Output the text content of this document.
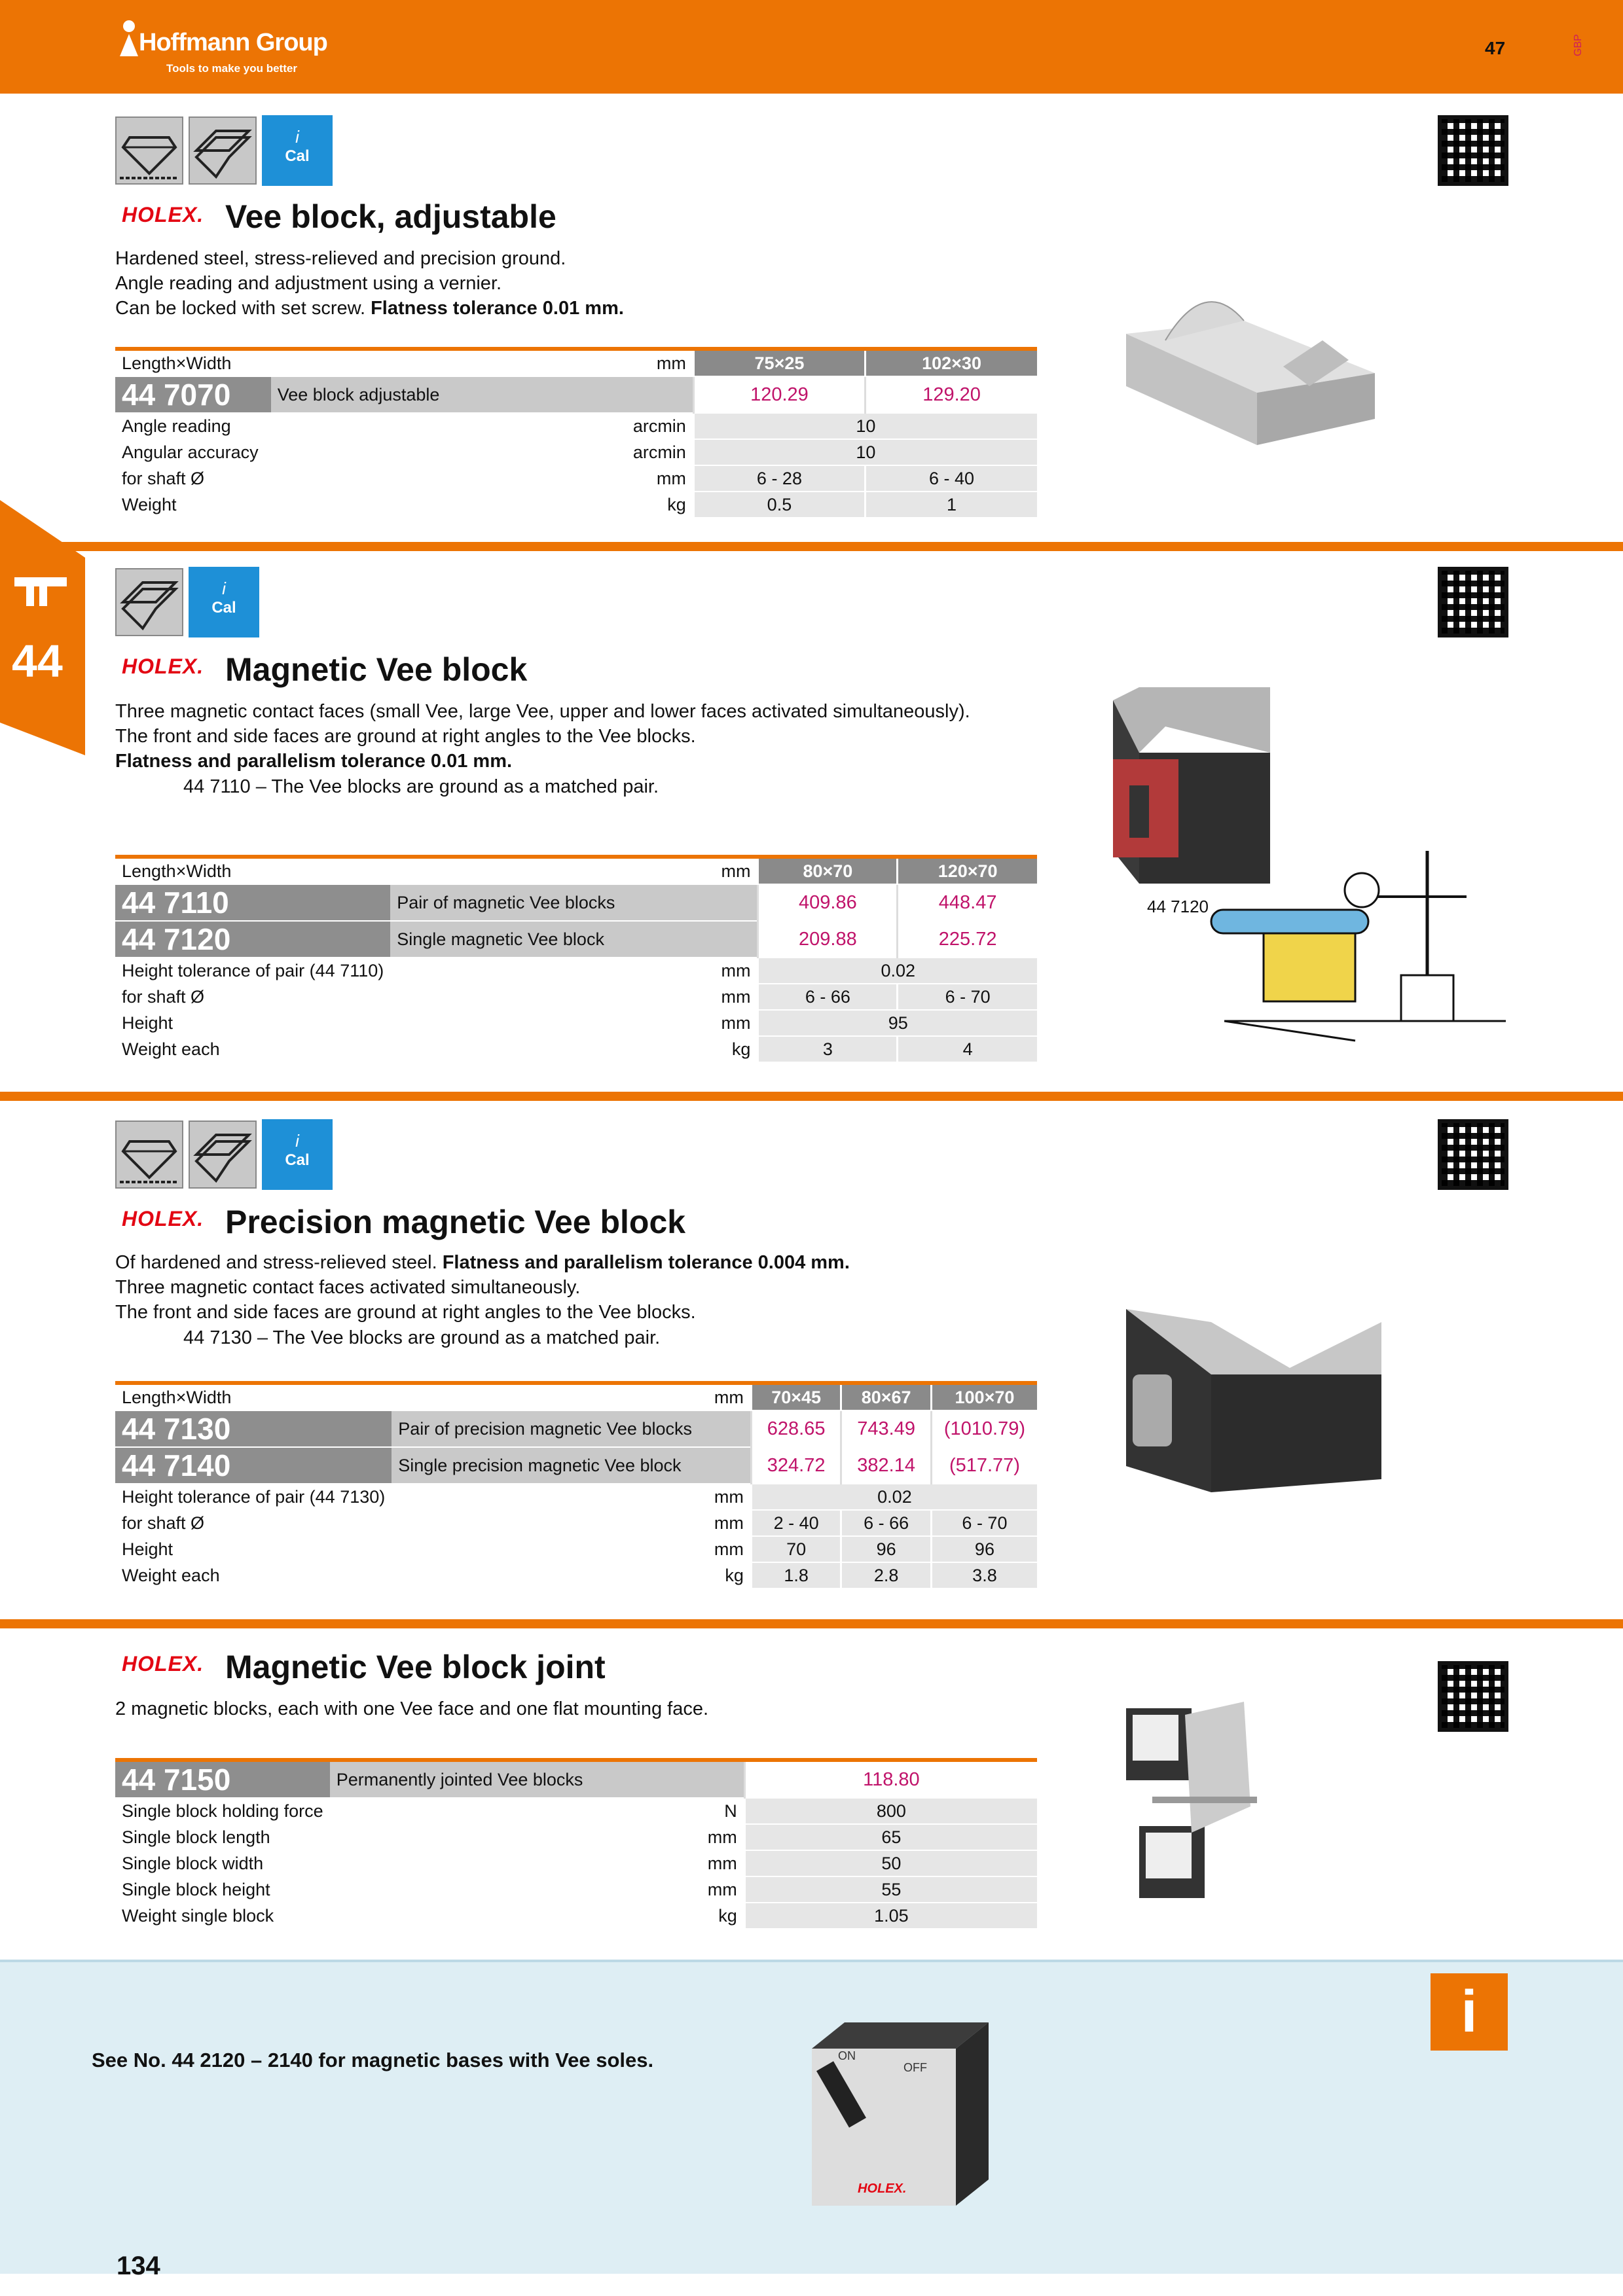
Hoffmann Group
Tools to make you better
47	GBP
44
i
Cal
HOLEX. Vee block, adjustable
Hardened steel, stress-relieved and precision ground.
Angle reading and adjustment using a vernier.
Can be locked with set screw. Flatness tolerance 0.01 mm.
Length×Width	mm	75×25	102×30
44 7070	Vee block adjustable	120.29	129.20
Angle reading	arcmin	10	
Angular accuracy	arcmin	10	
for shaft Ø	mm	6 - 28	6 - 40
Weight	kg	0.5	1
i
Cal
HOLEX. Magnetic Vee block
Three magnetic contact faces (small Vee, large Vee, upper and lower faces activated simultaneously).
The front and side faces are ground at right angles to the Vee blocks.
Flatness and parallelism tolerance 0.01 mm.
44 7110 – The Vee blocks are ground as a matched pair.
Length×Width	mm	80×70	120×70
44 7110	Pair of magnetic Vee blocks	409.86	448.47
44 7120	Single magnetic Vee block	209.88	225.72
Height tolerance of pair (44 7110)	mm	0.02	
for shaft Ø	mm	6 - 66	6 - 70
Height	mm	95	
Weight each	kg	3	4
44 7120
i
Cal
HOLEX. Precision magnetic Vee block
Of hardened and stress-relieved steel. Flatness and parallelism tolerance 0.004 mm.
Three magnetic contact faces activated simultaneously.
The front and side faces are ground at right angles to the Vee blocks.
44 7130 – The Vee blocks are ground as a matched pair.
Length×Width	mm	70×45	80×67	100×70
44 7130	Pair of precision magnetic Vee blocks	628.65	743.49	(1010.79)
44 7140	Single precision magnetic Vee block	324.72	382.14	(517.77)
Height tolerance of pair (44 7130)	mm	0.02		
for shaft Ø	mm	2 - 40	6 - 66	6 - 70
Height	mm	70	96	96
Weight each	kg	1.8	2.8	3.8
HOLEX. Magnetic Vee block joint
2 magnetic blocks, each with one Vee face and one flat mounting face.
44 7150	Permanently jointed Vee blocks	118.80
Single block holding force	N	800
Single block length	mm	65
Single block width	mm	50
Single block height	mm	55
Weight single block	kg	1.05
i
See No. 44 2120 – 2140 for magnetic bases with Vee soles.	ON
OFF
HOLEX.
134
